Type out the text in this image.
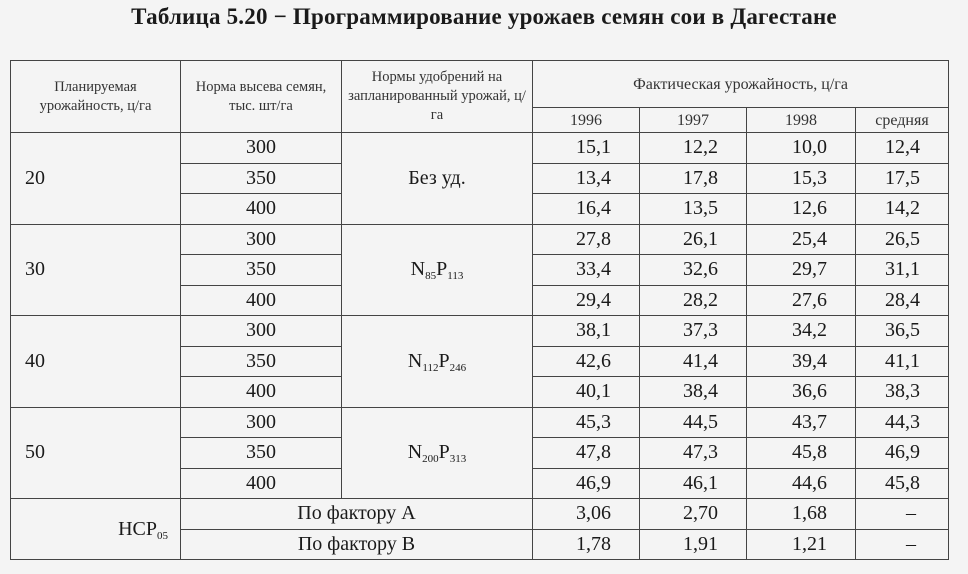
Таблица 5.20 − Программирование урожаев семян сои в Дагестане
Планируемая урожайность, ц/га	Норма высева семян, тыс. шт/га	Нормы удобрений на запланированный урожай, ц/га	Фактическая урожайность, ц/га			
			1996	1997	1998	средняя
20	300	Без уд.	15,1	12,2	10,0	12,4
	350		13,4	17,8	15,3	17,5
	400		16,4	13,5	12,6	14,2
30	300	$N_{85}P_{113}$	27,8	26,1	25,4	26,5
	350		33,4	32,6	29,7	31,1
	400		29,4	28,2	27,6	28,4
40	300	$N_{112}P_{246}$	38,1	37,3	34,2	36,5
	350		42,6	41,4	39,4	41,1
	400		40,1	38,4	36,6	38,3
50	300	$N_{200}P_{313}$	45,3	44,5	43,7	44,3
	350		47,8	47,3	45,8	46,9
	400		46,9	46,1	44,6	45,8
$НСР_{05}$	По фактору А		3,06	2,70	1,68	–
	По фактору В		1,78	1,91	1,21	–
